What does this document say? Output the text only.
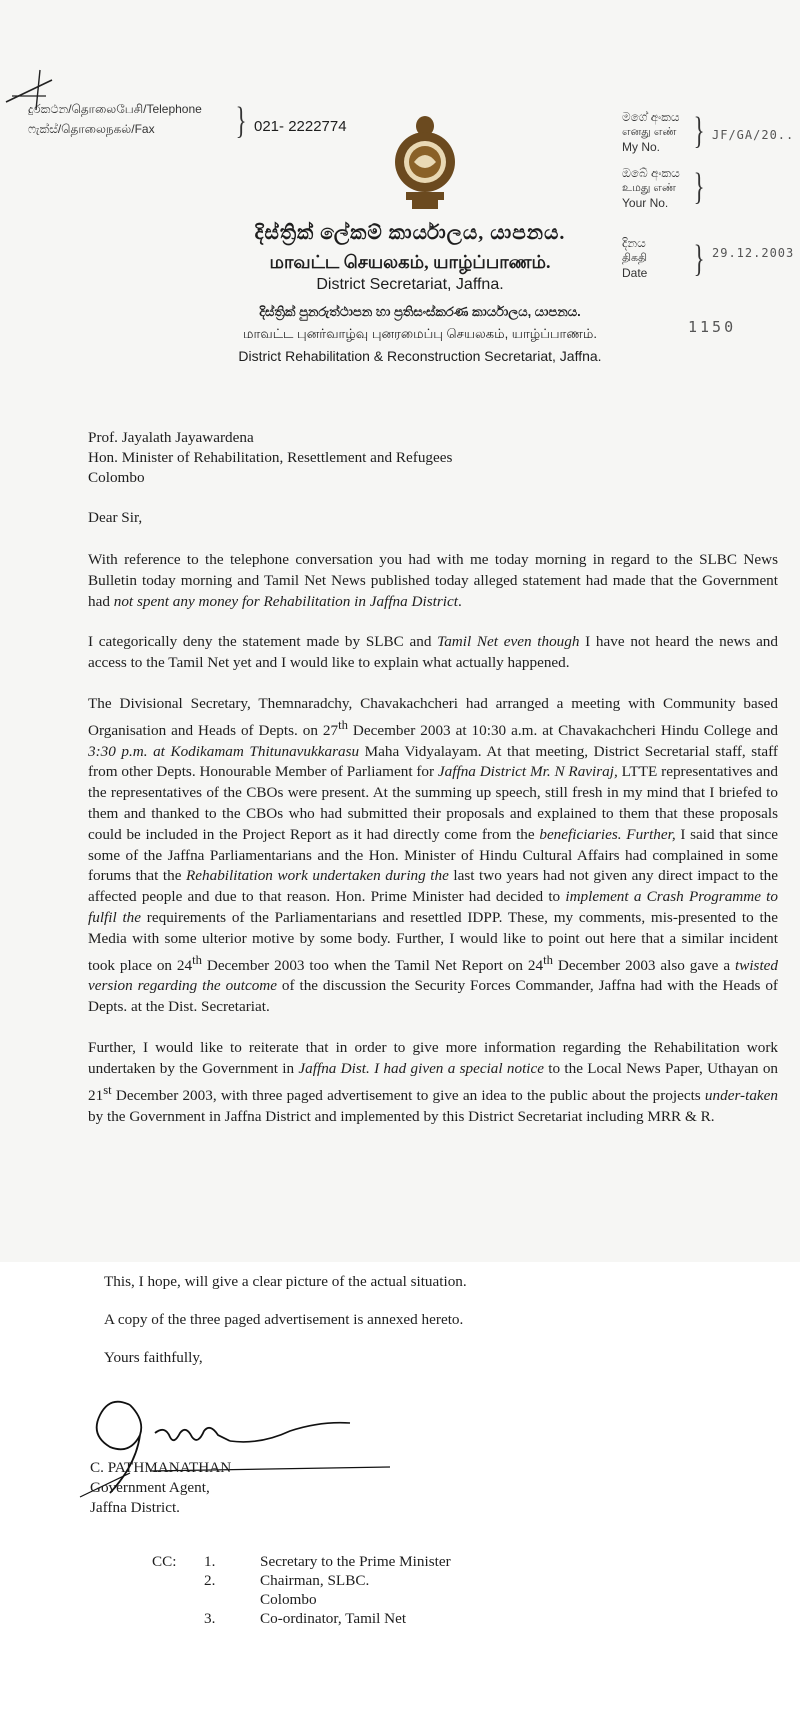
දුරකථන/தொலைபேசி/Telephone
ෆැක්ස්/தொலைநகல்/Fax } 021- 2222774
මගේ අංකය
எனது எண்
My No. } JF/GA/20..
ඔබේ අංකය
உமது எண்
Your No. }
දිනය
திகதி
Date } 29.12.2003
දිස්ත්‍රික් ලේකම් කාර්යාලය, යාපනය.
மாவட்ட செயலகம், யாழ்ப்பாணம்.
District Secretariat, Jaffna.
දිස්ත්‍රික් පුනරුත්ථාපන හා ප්‍රතිසංස්කරණ කාර්යාලය, යාපනය.
மாவட்ட புனர்வாழ்வு புனரமைப்பு செயலகம், யாழ்ப்பாணம்.
District Rehabilitation & Reconstruction Secretariat, Jaffna.
1150
Prof. Jayalath Jayawardena
Hon. Minister of Rehabilitation, Resettlement and Refugees
Colombo
Dear Sir,

With reference to the telephone conversation you had with me today morning in regard to the SLBC News Bulletin today morning and Tamil Net News published today alleged statement had made that the Government had not spent any money for Rehabilitation in Jaffna District.

I categorically deny the statement made by SLBC and Tamil Net even though I have not heard the news and access to the Tamil Net yet and I would like to explain what actually happened.

The Divisional Secretary, Themnaradchy, Chavakachcheri had arranged a meeting with Community based Organisation and Heads of Depts. on 27th December 2003 at 10:30 a.m. at Chavakachcheri Hindu College and 3:30 p.m. at Kodikamam Thitunavukkarasu Maha Vidyalayam. At that meeting, District Secretarial staff, staff from other Depts. Honourable Member of Parliament for Jaffna District Mr. N Raviraj, LTTE representatives and the representatives of the CBOs were present. At the summing up speech, still fresh in my mind that I briefed to them and thanked to the CBOs who had submitted their proposals and explained to them that these proposals could be included in the Project Report as it had directly come from the beneficiaries. Further, I said that since some of the Jaffna Parliamentarians and the Hon. Minister of Hindu Cultural Affairs had complained in some forums that the Rehabilitation work undertaken during the last two years had not given any direct impact to the affected people and due to that reason. Hon. Prime Minister had decided to implement a Crash Programme to fulfil the requirements of the Parliamentarians and resettled IDPP. These, my comments, mis-presented to the Media with some ulterior motive by some body. Further, I would like to point out here that a similar incident took place on 24th December 2003 too when the Tamil Net Report on 24th December 2003 also gave a twisted version regarding the outcome of the discussion the Security Forces Commander, Jaffna had with the Heads of Depts. at the Dist. Secretariat.

Further, I would like to reiterate that in order to give more information regarding the Rehabilitation work undertaken by the Government in Jaffna Dist. I had given a special notice to the Local News Paper, Uthayan on 21st December 2003, with three paged advertisement to give an idea to the public about the projects under-taken by the Government in Jaffna District and implemented by this District Secretariat including MRR & R.

This, I hope, will give a clear picture of the actual situation.
A copy of the three paged advertisement is annexed hereto.
Yours faithfully,
C. PATHMANATHAN
Government Agent,
Jaffna District.
CC: 1.	Secretary to the Prime Minister
2.	Chairman, SLBC.
Colombo
3.	Co-ordinator, Tamil Net
